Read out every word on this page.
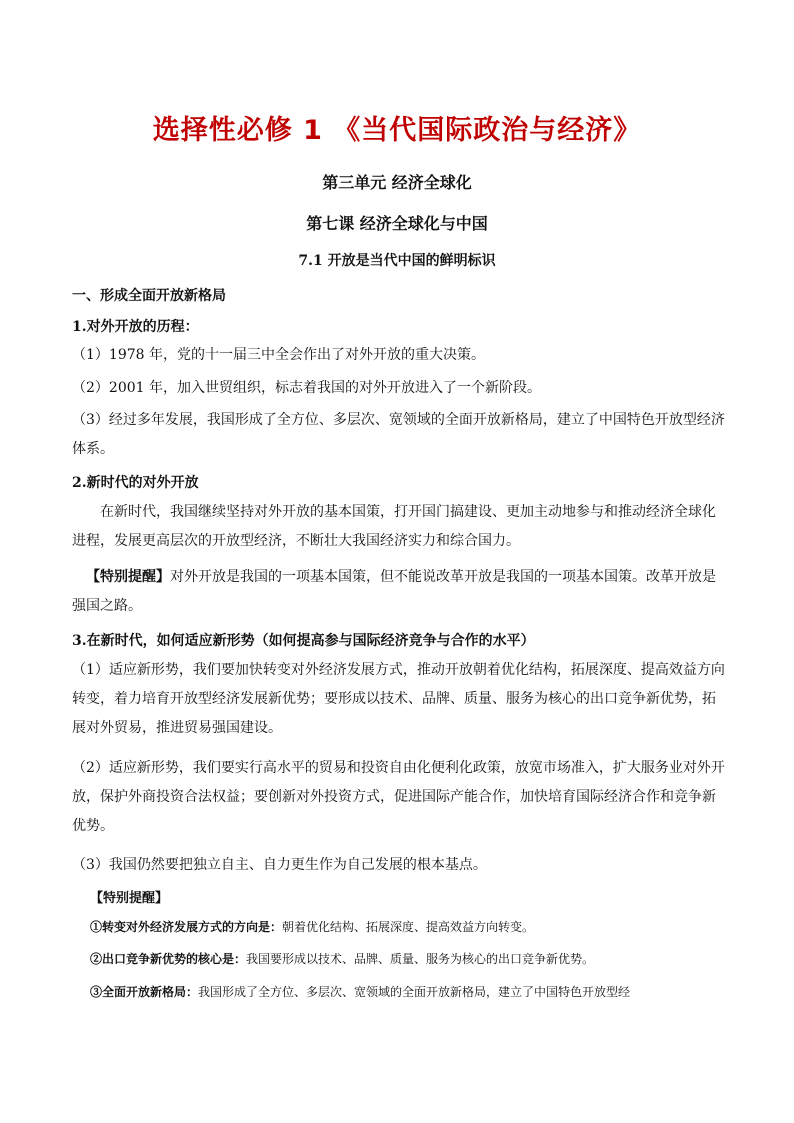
选择性必修 1 《当代国际政治与经济》
第三单元 经济全球化
第七课 经济全球化与中国
7.1 开放是当代中国的鲜明标识
一、形成全面开放新格局
1.对外开放的历程：
（1）1978 年，党的十一届三中全会作出了对外开放的重大决策。
（2）2001 年，加入世贸组织，标志着我国的对外开放进入了一个新阶段。
（3）经过多年发展，我国形成了全方位、多层次、宽领域的全面开放新格局，建立了中国特色开放型经济体系。
2.新时代的对外开放
在新时代，我国继续坚持对外开放的基本国策，打开国门搞建设、更加主动地参与和推动经济全球化进程，发展更高层次的开放型经济，不断壮大我国经济实力和综合国力。
【特别提醒】对外开放是我国的一项基本国策，但不能说改革开放是我国的一项基本国策。改革开放是强国之路。
3.在新时代，如何适应新形势（如何提高参与国际经济竞争与合作的水平）
（1）适应新形势，我们要加快转变对外经济发展方式，推动开放朝着优化结构，拓展深度、提高效益方向转变，着力培育开放型经济发展新优势；要形成以技术、品牌、质量、服务为核心的出口竞争新优势，拓展对外贸易，推进贸易强国建设。
（2）适应新形势，我们要实行高水平的贸易和投资自由化便利化政策，放宽市场准入，扩大服务业对外开放，保护外商投资合法权益；要创新对外投资方式，促进国际产能合作，加快培育国际经济合作和竞争新优势。
（3）我国仍然要把独立自主、自力更生作为自己发展的根本基点。
【特别提醒】
①转变对外经济发展方式的方向是：朝着优化结构、拓展深度、提高效益方向转变。
②出口竞争新优势的核心是：我国要形成以技术、品牌、质量、服务为核心的出口竞争新优势。
③全面开放新格局：我国形成了全方位、多层次、宽领域的全面开放新格局，建立了中国特色开放型经
